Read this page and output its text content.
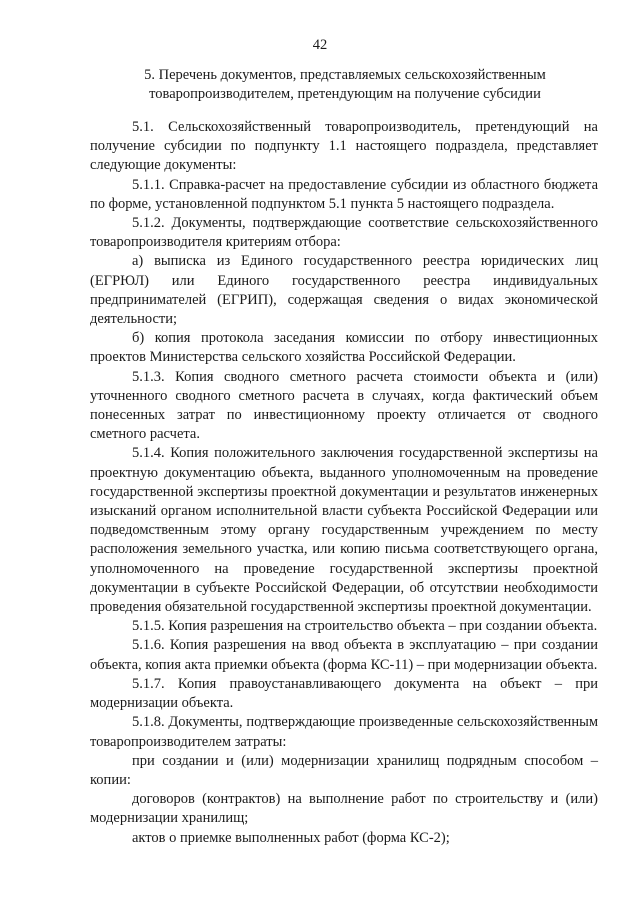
42
5. Перечень документов, представляемых сельскохозяйственным
товаропроизводителем, претендующим на получение субсидии

5.1. Сельскохозяйственный товаропроизводитель, претендующий на получение субсидии по подпункту 1.1 настоящего подраздела, представляет следующие документы:

5.1.1. Справка-расчет на предоставление субсидии из областного бюджета по форме, установленной подпунктом 5.1 пункта 5 настоящего подраздела.

5.1.2. Документы, подтверждающие соответствие сельскохозяйственного товаропроизводителя критериям отбора:

а) выписка из Единого государственного реестра юридических лиц (ЕГРЮЛ) или Единого государственного реестра индивидуальных предпринимателей (ЕГРИП), содержащая сведения о видах экономической деятельности;

б) копия протокола заседания комиссии по отбору инвестиционных проектов Министерства сельского хозяйства Российской Федерации.

5.1.3. Копия сводного сметного расчета стоимости объекта и (или) уточненного сводного сметного расчета в случаях, когда фактический объем понесенных затрат по инвестиционному проекту отличается от сводного сметного расчета.

5.1.4. Копия положительного заключения государственной экспертизы на проектную документацию объекта, выданного уполномоченным на проведение государственной экспертизы проектной документации и результатов инженерных изысканий органом исполнительной власти субъекта Российской Федерации или подведомственным этому органу государственным учреждением по месту расположения земельного участка, или копию письма соответствующего органа, уполномоченного на проведение государственной экспертизы проектной документации в субъекте Российской Федерации, об отсутствии необходимости проведения обязательной государственной экспертизы проектной документации.

5.1.5. Копия разрешения на строительство объекта – при создании объекта.

5.1.6. Копия разрешения на ввод объекта в эксплуатацию – при создании объекта, копия акта приемки объекта (форма КС-11) – при модернизации объекта.

5.1.7. Копия правоустанавливающего документа на объект – при модернизации объекта.

5.1.8. Документы, подтверждающие произведенные сельскохозяйственным товаропроизводителем затраты:

при создании и (или) модернизации хранилищ подрядным способом – копии:

договоров (контрактов) на выполнение работ по строительству и (или) модернизации хранилищ;

актов о приемке выполненных работ (форма КС-2);
